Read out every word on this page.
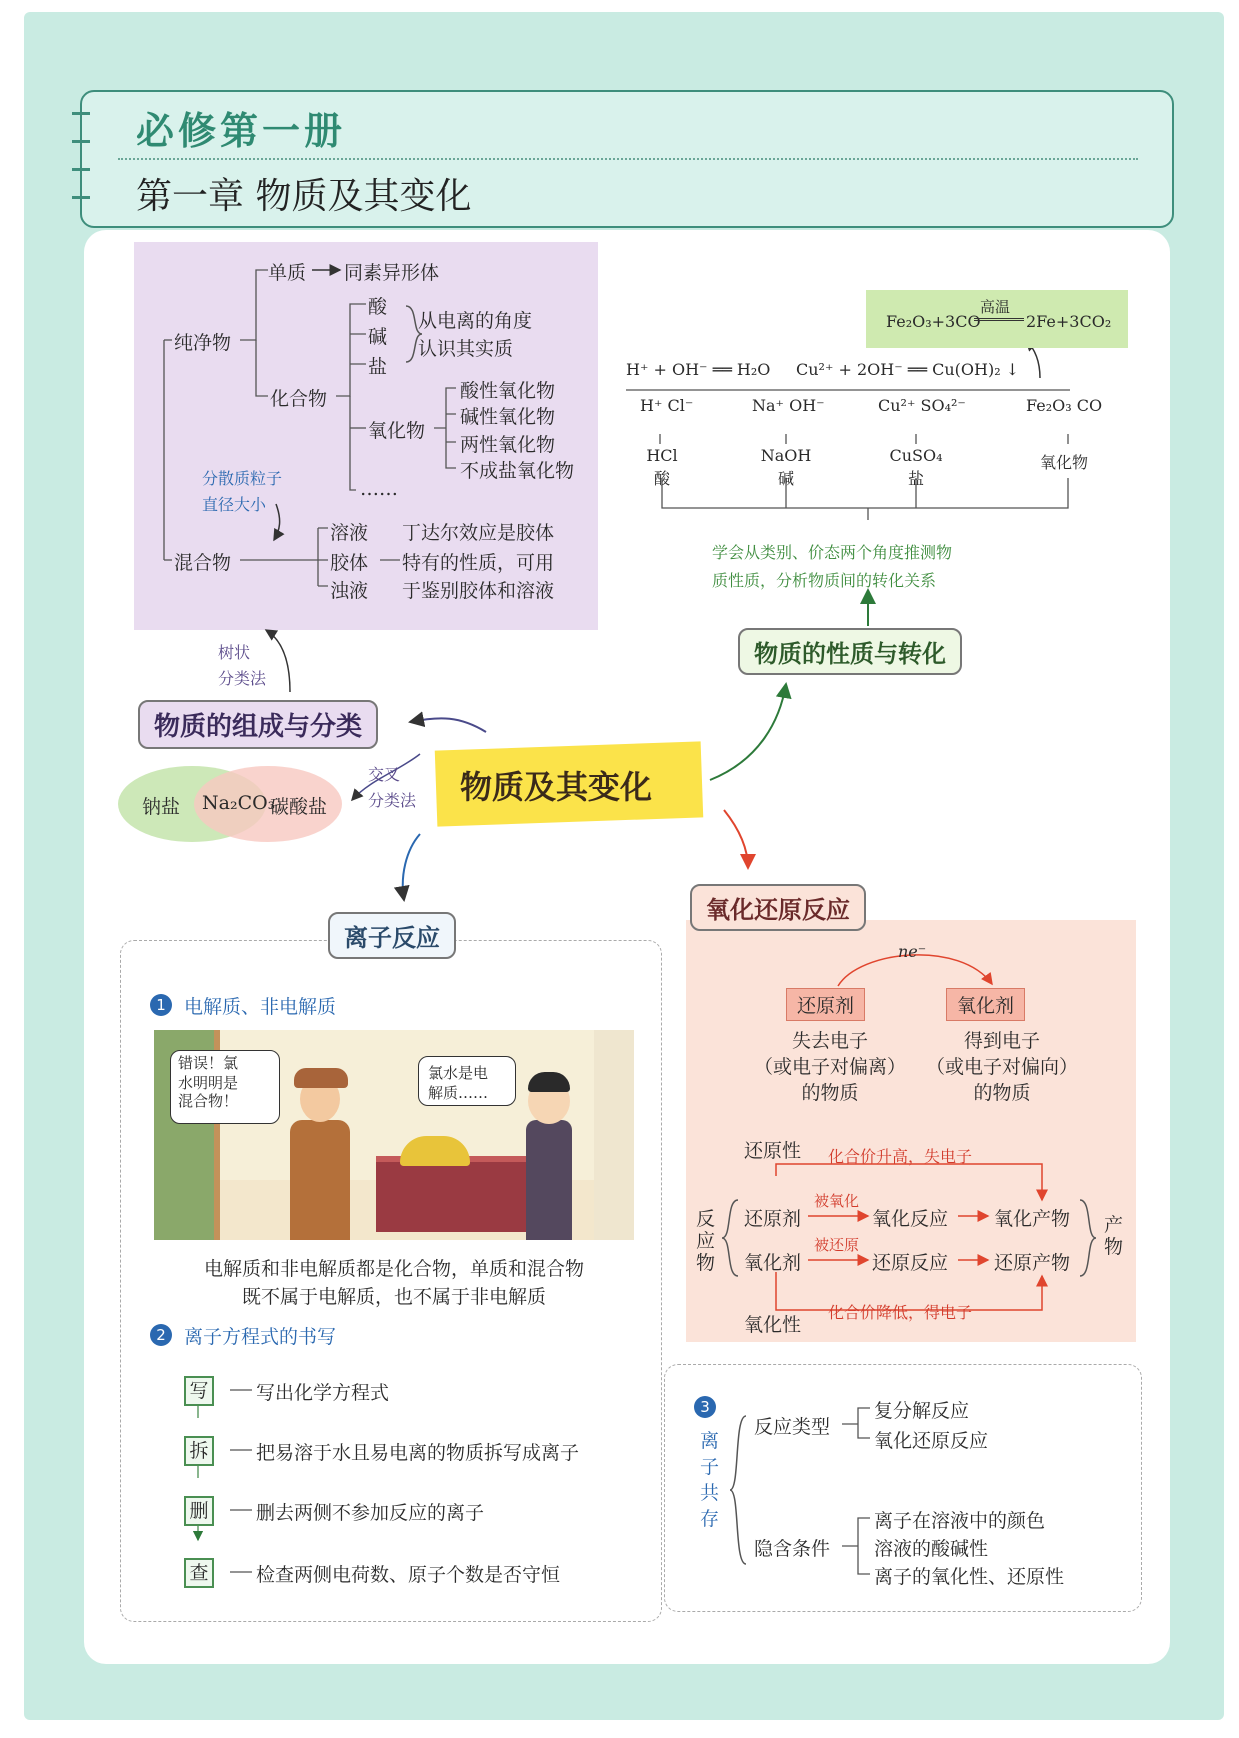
必修第一册
第一章 物质及其变化
单质 同素异形体
纯净物
化合物
酸
碱
盐
从电离的角度
认识其实质
氧化物
酸性氧化物
碱性氧化物
两性氧化物
不成盐氧化物
……
分散质粒子
直径大小
混合物
溶液
胶体
浊液
丁达尔效应是胶体
特有的性质，可用
于鉴别胶体和溶液
树状
分类法
物质的组成与分类
钠盐 Na₂CO₃
碳酸盐
交叉
分类法 物质及其变化
Fe₂O₃+3CO
高温
2Fe+3CO₂
H⁺ + OH⁻ ══ H₂O Cu²⁺ + 2OH⁻ ══ Cu(OH)₂ ↓
H⁺ Cl⁻	Na⁺ OH⁻	Cu²⁺ SO₄²⁻	Fe₂O₃ CO
HCl	NaOH	CuSO₄	氧化物
酸	碱	盐
学会从类别、价态两个角度推测物
质性质，分析物质间的转化关系
物质的性质与转化
离子反应
1 电解质、非电解质
错误！氯
水明明是
混合物！
氯水是电
解质……
电解质和非电解质都是化合物，单质和混合物
既不属于电解质，也不属于非电解质
2 离子方程式的书写
写	写出化学方程式
拆	把易溶于水且易电离的物质拆写成离子
删	删去两侧不参加反应的离子
查	检查两侧电荷数、原子个数是否守恒
氧化还原反应
ne⁻
还原剂	氧化剂
失去电子
（或电子对偏离）
的物质
得到电子
（或电子对偏向）
的物质
还原性 化合价升高，失电子
反应物
还原剂
被氧化
氧化反应 氧化产物
氧化剂
被还原
还原反应 还原产物
产物
化合价降低，得电子
氧化性
3
离子共存
反应类型
复分解反应
氧化还原反应
隐含条件
离子在溶液中的颜色
溶液的酸碱性
离子的氧化性、还原性
